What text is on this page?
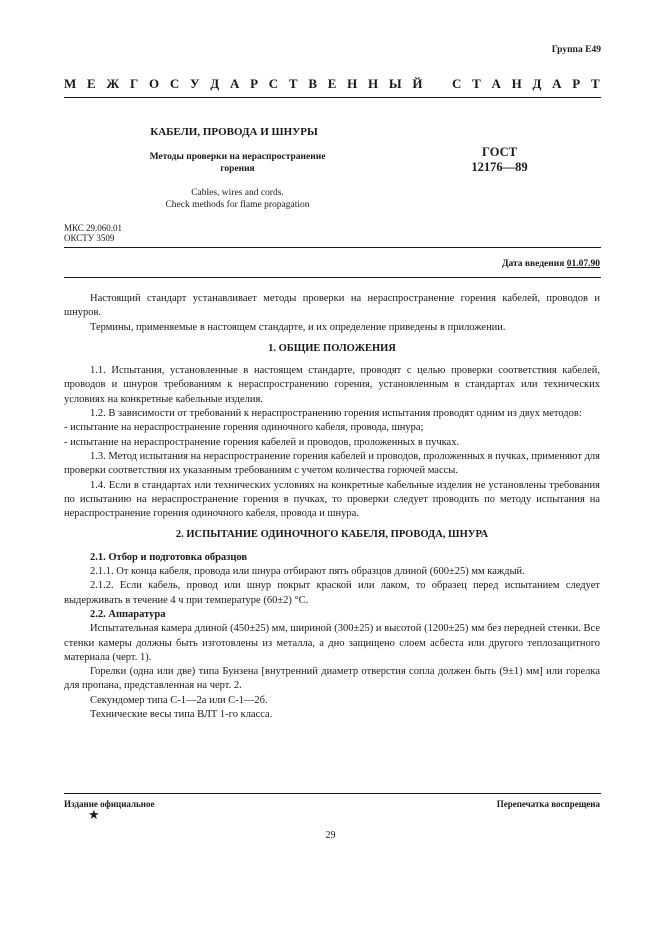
Группа Е49
М Е Ж Г О С У Д А Р С Т В Е Н Н Ы Й С Т А Н Д А Р Т
КАБЕЛИ, ПРОВОДА И ШНУРЫ
Методы проверки на нераспространение
горения
Cables, wires and cords.
Check methods for flame propagation
ГОСТ
12176—89
МКС 29.060.01
ОКСТУ 3509
Дата введения 01.07.90

Настоящий стандарт устанавливает методы проверки на нераспространение горения кабелей, проводов и шнуров.

Термины, применяемые в настоящем стандарте, и их определение приведены в приложении.

1. ОБЩИЕ ПОЛОЖЕНИЯ

1.1. Испытания, установленные в настоящем стандарте, проводят с целью проверки соответствия кабелей, проводов и шнуров требованиям к нераспространению горения, установленным в стандартах или технических условиях на конкретные кабельные изделия.

1.2. В зависимости от требований к нераспространению горения испытания проводят одним из двух методов:

- испытание на нераспространение горения одиночного кабеля, провода, шнура;

- испытание на нераспространение горения кабелей и проводов, проложенных в пучках.

1.3. Метод испытания на нераспространение горения кабелей и проводов, проложенных в пучках, применяют для проверки соответствия их указанным требованиям с учетом количества горючей массы.

1.4. Если в стандартах или технических условиях на конкретные кабельные изделия не установлены требования по испытанию на нераспространение горения в пучках, то проверки следует проводить по методу испытания на нераспространение горения одиночного кабеля, провода и шнура.

2. ИСПЫТАНИЕ ОДИНОЧНОГО КАБЕЛЯ, ПРОВОДА, ШНУРА

2.1. Отбор и подготовка образцов

2.1.1. От конца кабеля, провода или шнура отбирают пять образцов длиной (600±25) мм каждый.

2.1.2. Если кабель, провод или шнур покрыт краской или лаком, то образец перед испытанием следует выдерживать в течение 4 ч при температуре (60±2) °С.

2.2. Аппаратура

Испытательная камера длиной (450±25) мм, шириной (300±25) и высотой (1200±25) мм без передней стенки. Все стенки камеры должны быть изготовлены из металла, а дно защищено слоем асбеста или другого теплозащитного материала (черт. 1).

Горелки (одна или две) типа Бунзена [внутренний диаметр отверстия сопла должен быть (9±1) мм] или горелка для пропана, представленная на черт. 2.

Секундомер типа С-1—2а или С-1—2б.

Технические весы типа ВЛТ 1-го класса.

Издание официальное	Перепечатка воспрещена
★
29
